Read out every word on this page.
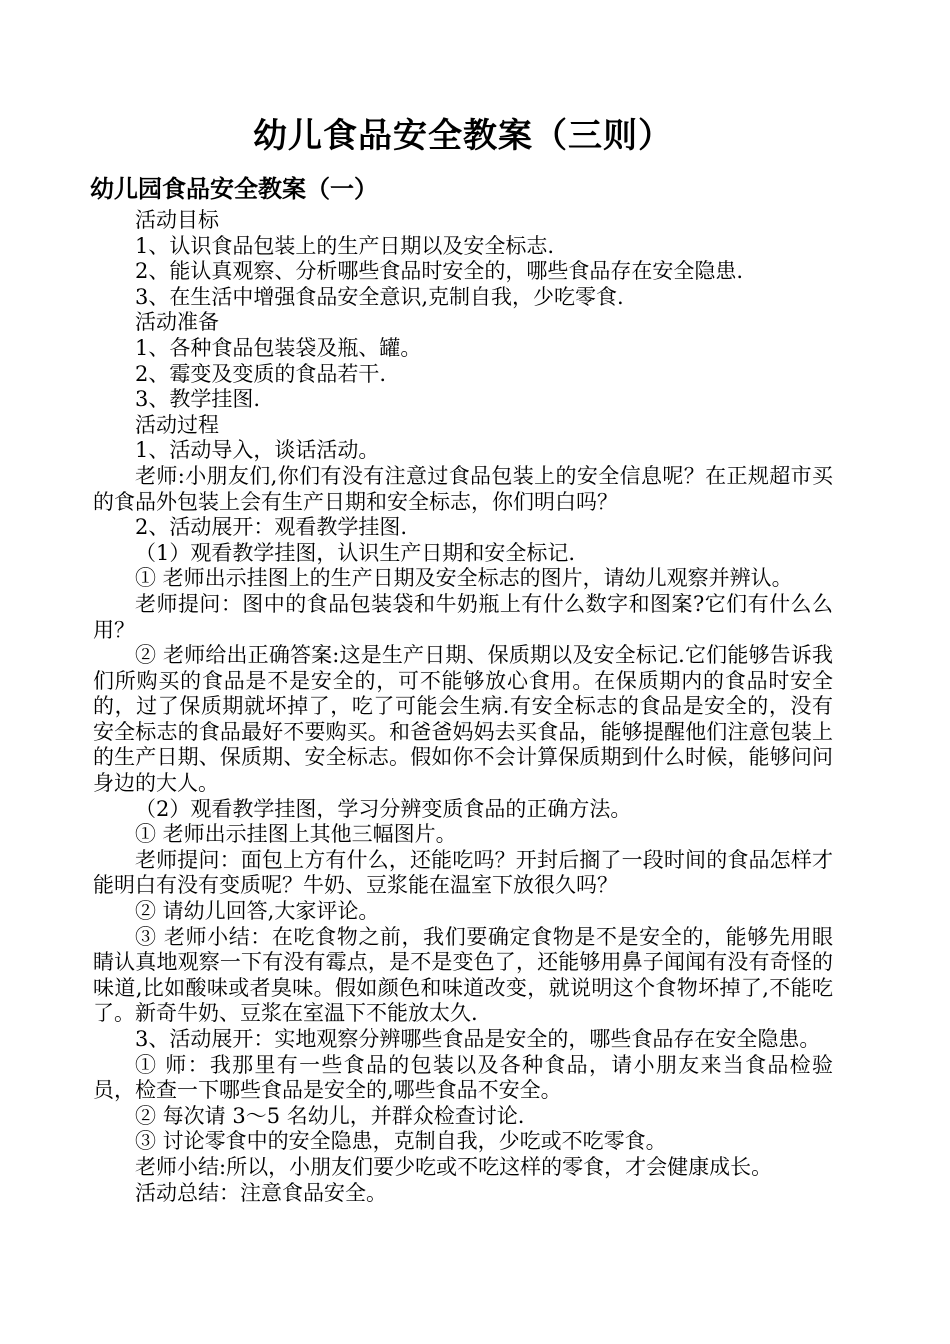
幼儿食品安全教案（三则）
幼儿园食品安全教案（一）

活动目标

1、认识食品包装上的生产日期以及安全标志.

2、能认真观察、分析哪些食品时安全的，哪些食品存在安全隐患.

3、在生活中增强食品安全意识,克制自我，少吃零食.

活动准备

1、各种食品包装袋及瓶、罐。

2、霉变及变质的食品若干.

3、教学挂图.

活动过程

1、活动导入，谈话活动。

老师:小朋友们,你们有没有注意过食品包装上的安全信息呢？在正规超市买的食品外包装上会有生产日期和安全标志，你们明白吗？

2、活动展开：观看教学挂图.

（1）观看教学挂图，认识生产日期和安全标记.

① 老师出示挂图上的生产日期及安全标志的图片，请幼儿观察并辨认。

老师提问：图中的食品包装袋和牛奶瓶上有什么数字和图案?它们有什么么用？

② 老师给出正确答案:这是生产日期、保质期以及安全标记.它们能够告诉我们所购买的食品是不是安全的，可不能够放心食用。在保质期内的食品时安全的，过了保质期就坏掉了，吃了可能会生病.有安全标志的食品是安全的，没有安全标志的食品最好不要购买。和爸爸妈妈去买食品，能够提醒他们注意包装上的生产日期、保质期、安全标志。假如你不会计算保质期到什么时候，能够问问身边的大人。

（2）观看教学挂图，学习分辨变质食品的正确方法。

① 老师出示挂图上其他三幅图片。

老师提问：面包上方有什么，还能吃吗？开封后搁了一段时间的食品怎样才能明白有没有变质呢？牛奶、豆浆能在温室下放很久吗？

② 请幼儿回答,大家评论。

③ 老师小结：在吃食物之前，我们要确定食物是不是安全的，能够先用眼睛认真地观察一下有没有霉点，是不是变色了，还能够用鼻子闻闻有没有奇怪的味道,比如酸味或者臭味。假如颜色和味道改变，就说明这个食物坏掉了,不能吃了。新奇牛奶、豆浆在室温下不能放太久.

3、活动展开：实地观察分辨哪些食品是安全的，哪些食品存在安全隐患。

① 师：我那里有一些食品的包装以及各种食品，请小朋友来当食品检验员，检查一下哪些食品是安全的,哪些食品不安全。

② 每次请 3～5 名幼儿，并群众检查讨论.

③ 讨论零食中的安全隐患，克制自我，少吃或不吃零食。

老师小结:所以，小朋友们要少吃或不吃这样的零食，才会健康成长。

活动总结：注意食品安全。
